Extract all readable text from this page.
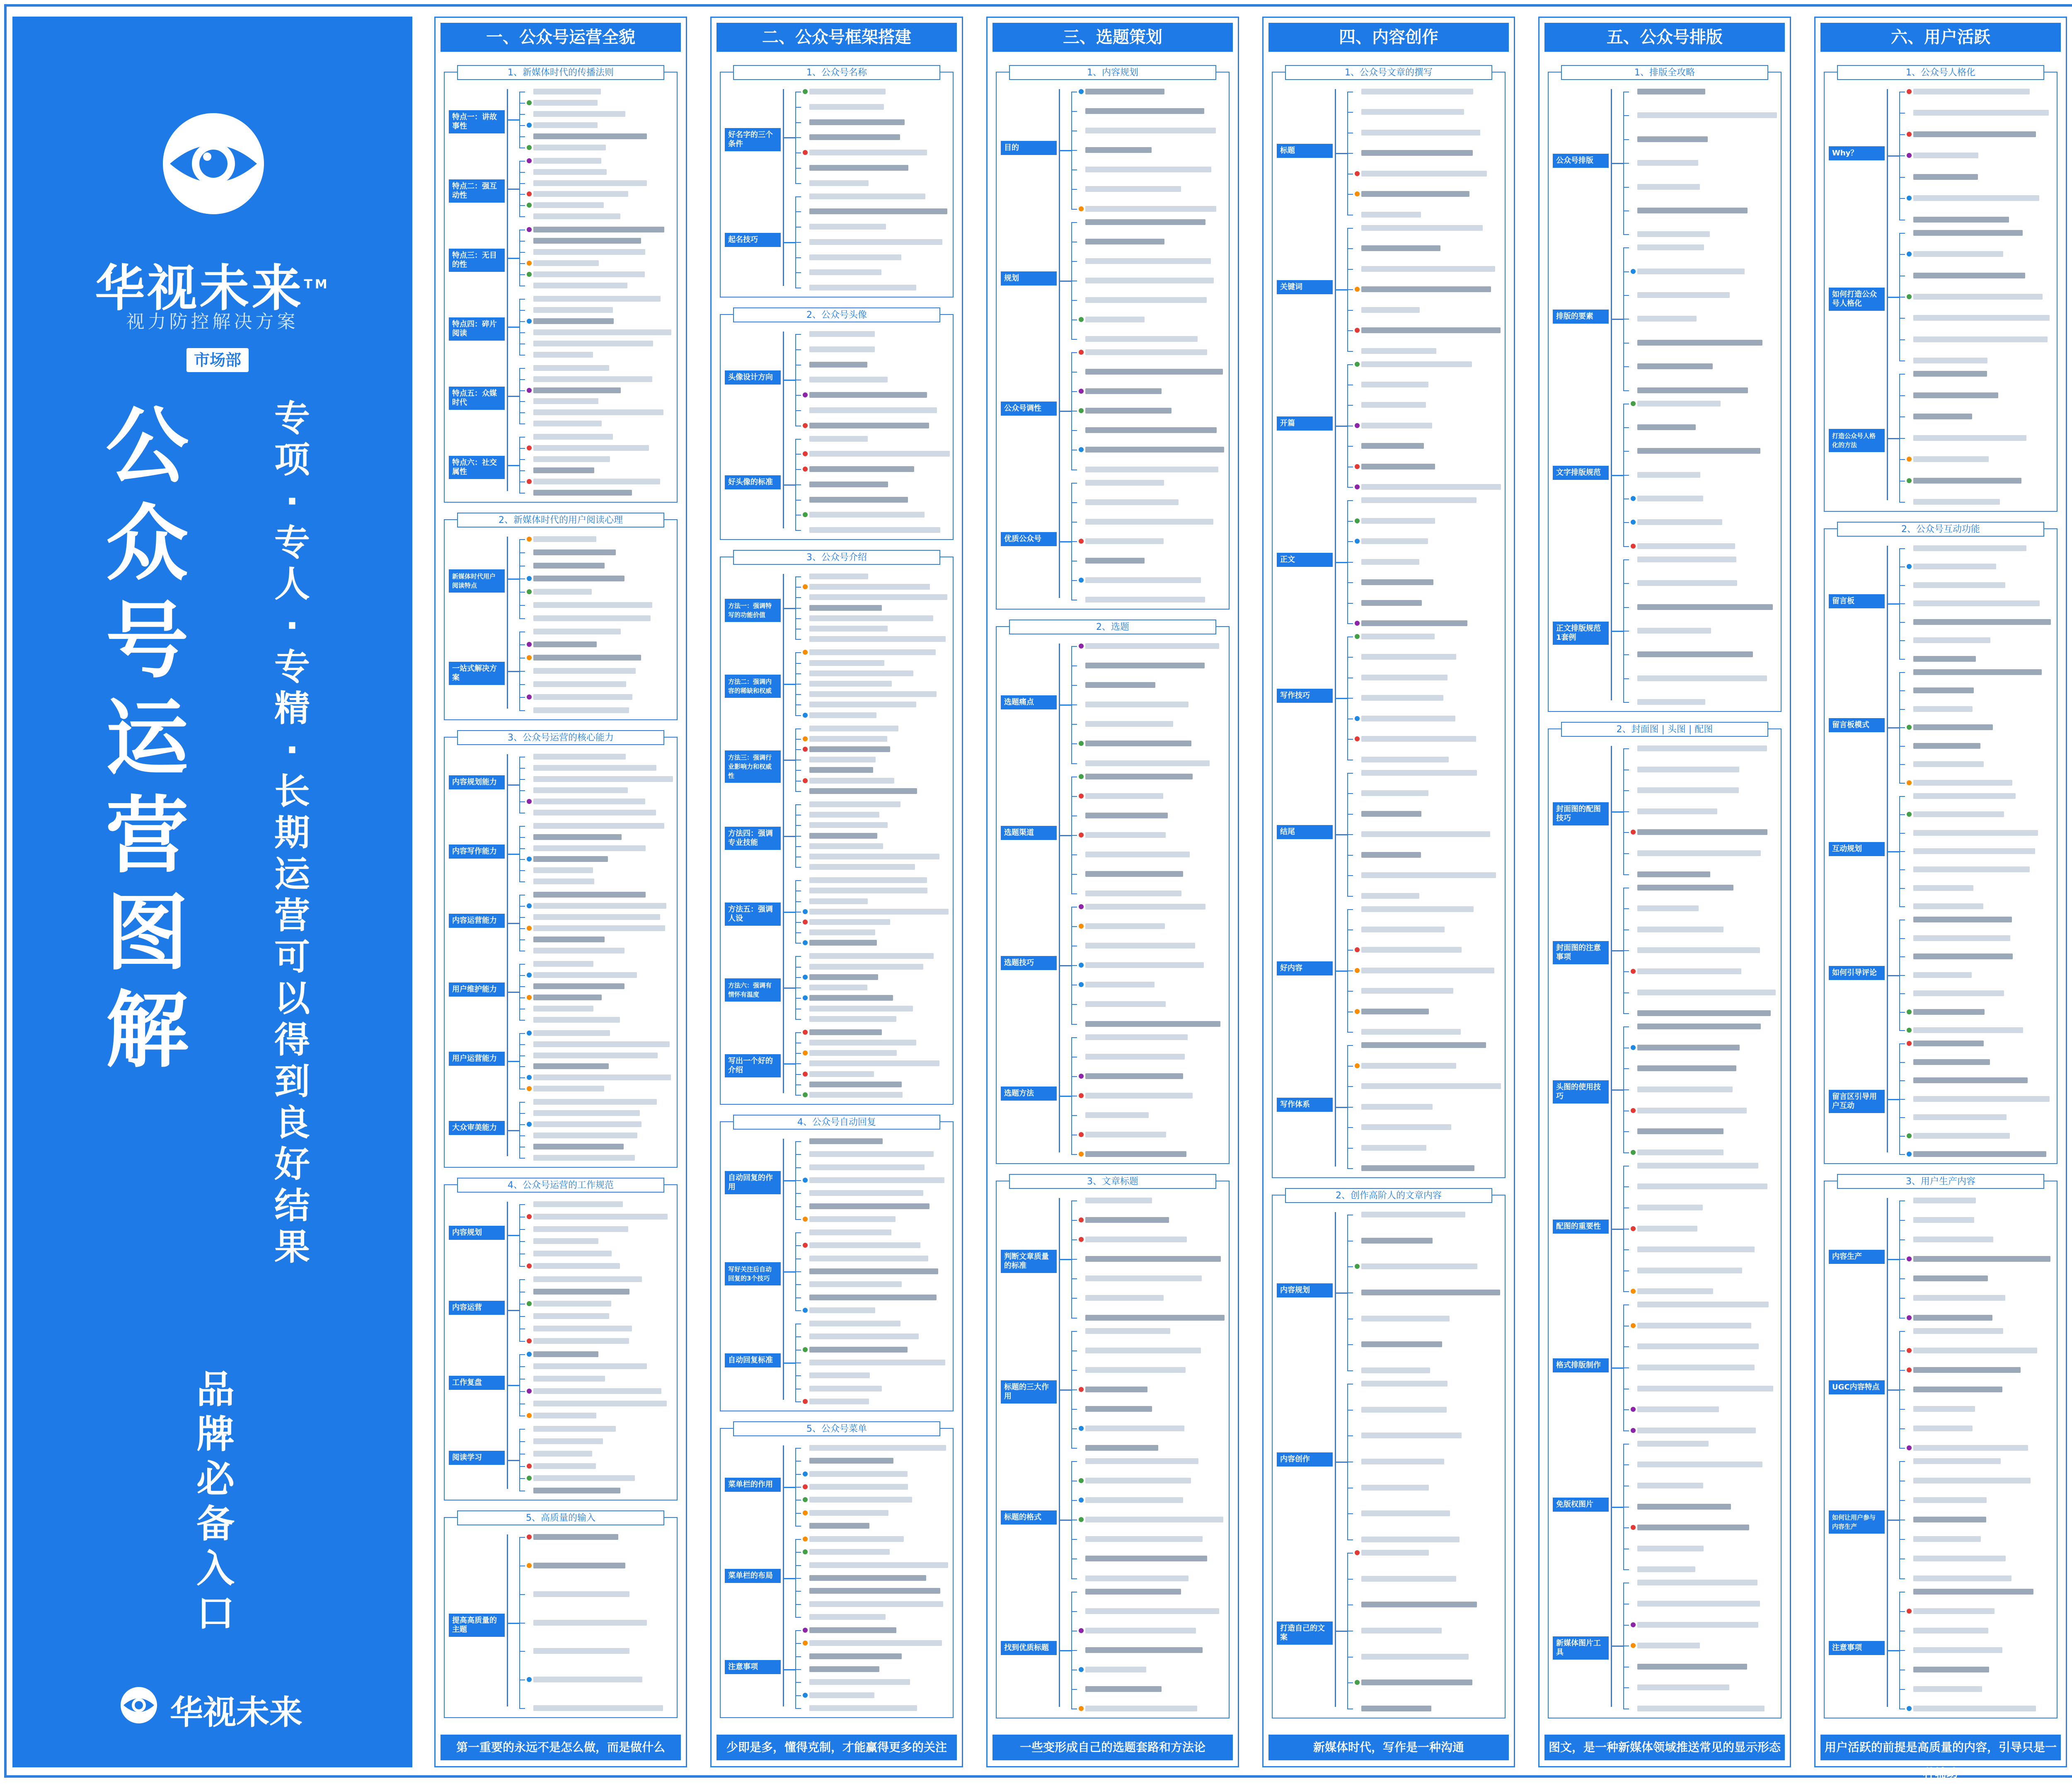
华视未来™
视力防控解决方案
市场部
公
众
号
运
营
图
解
专
项
·
专
人
·
专
精
·
长
期
运
营
可
以
得
到
良
好
结
果
品
牌
必
备
入
口
华视未来
一、公众号运营全貌
第一重要的永远不是怎么做，而是做什么
1、新媒体时代的传播法则
特点一：讲故事性
特点二：强互动性
特点三：无目的性
特点四：碎片阅读
特点五：众媒时代
特点六：社交属性
2、新媒体时代的用户阅读心理
新媒体时代用户阅读特点
一站式解决方案
3、公众号运营的核心能力
内容规划能力
内容写作能力
内容运营能力
用户维护能力
用户运营能力
大众审美能力
4、公众号运营的工作规范
内容规划
内容运营
工作复盘
阅读学习
5、高质量的输入
提高高质量的主题
二、公众号框架搭建
少即是多，懂得克制，才能赢得更多的关注
1、公众号名称
好名字的三个条件
起名技巧
2、公众号头像
头像设计方向
好头像的标准
3、公众号介绍
方法一：强调特写的功能价值
方法二：强调内容的稀缺和权威
方法三：强调行业影响力和权威性
方法四：强调专业技能
方法五：强调人设
方法六：强调有情怀有温度
写出一个好的介绍
4、公众号自动回复
自动回复的作用
写好关注后自动回复的3个技巧
自动回复标准
5、公众号菜单
菜单栏的作用
菜单栏的布局
注意事项
三、选题策划
一些变形成自己的选题套路和方法论
1、内容规划
目的
规划
公众号调性
优质公众号
2、选题
选题痛点
选题渠道
选题技巧
选题方法
3、文章标题
判断文章质量的标准
标题的三大作用
标题的格式
找到优质标题
四、内容创作
新媒体时代，写作是一种沟通
1、公众号文章的撰写
标题
关键词
开篇
正文
写作技巧
结尾
好内容
写作体系
2、创作高阶人的文章内容
内容规划
内容创作
打造自己的文案
五、公众号排版
图文，是一种新媒体领域推送常见的显示形态
1、排版全攻略
公众号排版
排版的要素
文字排版规范
正文排版规范1套例
2、封面图 | 头图 | 配图
封面图的配图技巧
封面图的注意事项
头图的使用技巧
配图的重要性
格式排版制作
免版权图片
新媒体图片工具
六、用户活跃
用户活跃的前提是高质量的内容，引导只是一种辅助
1、公众号人格化
Why？
如何打造公众号人格化
打造公众号人格化的方法
2、公众号互动功能
留言板
留言板模式
互动规划
如何引导评论
留言区引导用户互动
3、用户生产内容
内容生产
UGC内容特点
如何让用户参与内容生产
注意事项
